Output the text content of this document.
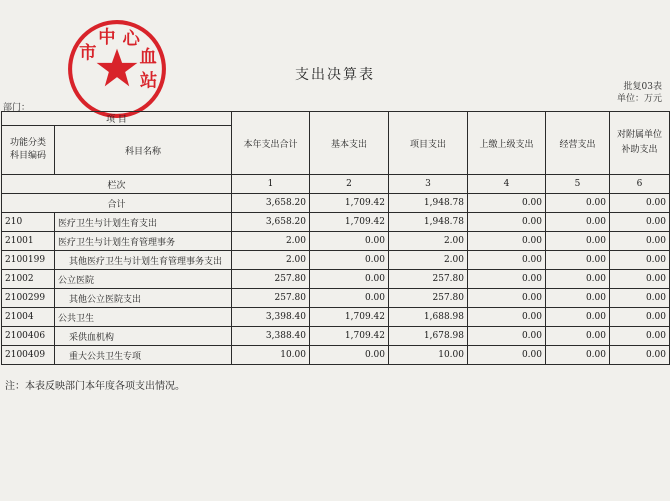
市
中 心
血
站	支出决算表
批复03表
单位：万元
部门：
项 目		本年支出合计	基本支出	项目支出	上缴上级支出	经营支出	对附属单位
补助支出
功能分类
科目编码	科目名称						
栏次		1	2	3	4	5	6
合计		3,658.20	1,709.42	1,948.78	0.00	0.00	0.00
210	医疗卫生与计划生育支出	3,658.20	1,709.42	1,948.78	0.00	0.00	0.00
21001	医疗卫生与计划生育管理事务	2.00	0.00	2.00	0.00	0.00	0.00
2100199	其他医疗卫生与计划生育管理事务支出	2.00	0.00	2.00	0.00	0.00	0.00
21002	公立医院	257.80	0.00	257.80	0.00	0.00	0.00
2100299	其他公立医院支出	257.80	0.00	257.80	0.00	0.00	0.00
21004	公共卫生	3,398.40	1,709.42	1,688.98	0.00	0.00	0.00
2100406	采供血机构	3,388.40	1,709.42	1,678.98	0.00	0.00	0.00
2100409	重大公共卫生专项	10.00	0.00	10.00	0.00	0.00	0.00
注：本表反映部门本年度各项支出情况。
